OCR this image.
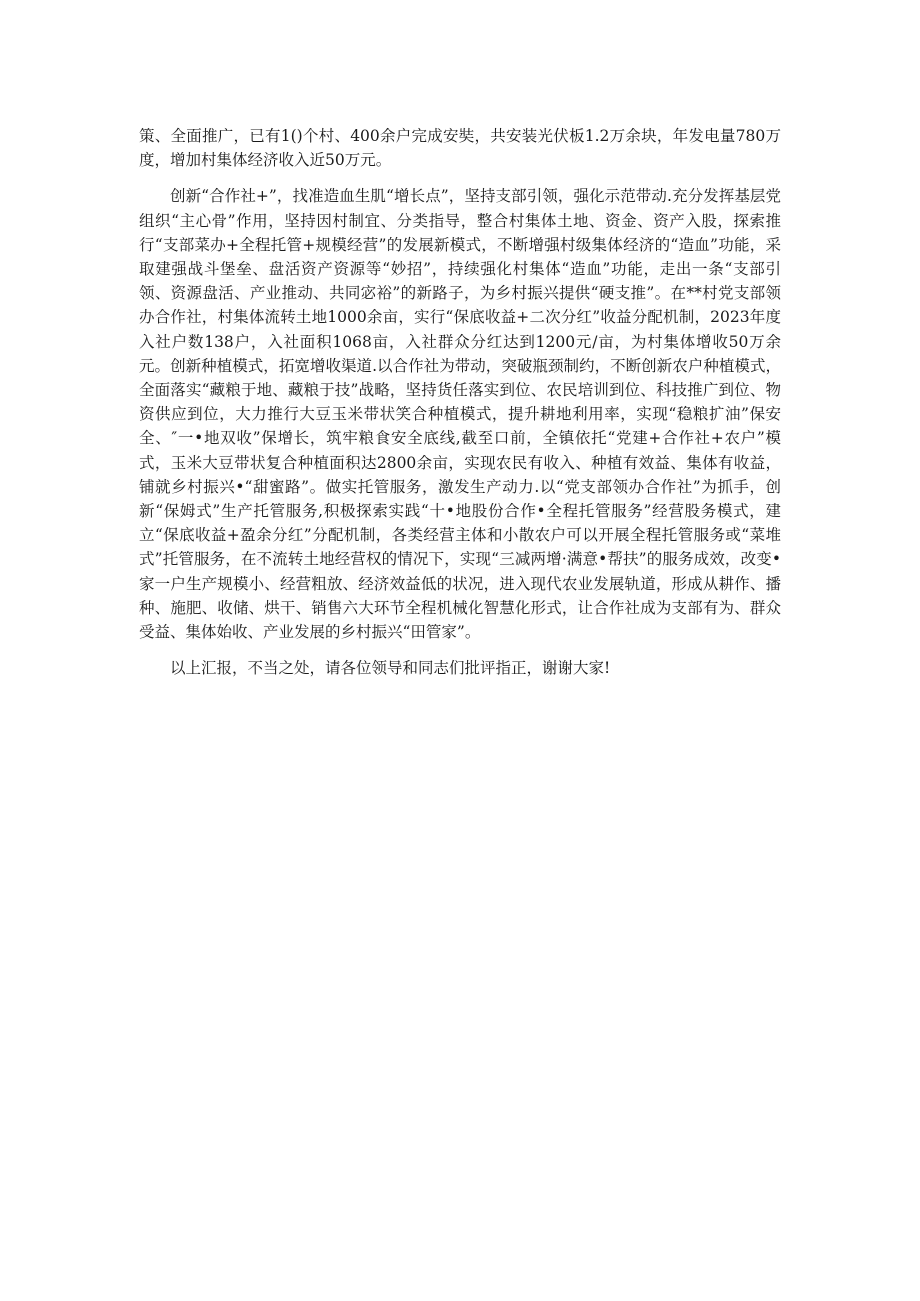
策、全面推广，已有1()个村、400余户完成安奘，共安装光伏板1.2万余块，年发电量780万度，增加村集体经济收入近50万元。

创新“合作社+”，找准造血生肌“增长点”，坚持支部引领，强化示范带动.充分发挥基层党组织“主心骨”作用，坚持因村制宜、分类指导，整合村集体土地、资金、资产入股，探索推行“支部菜办+全程托管+规模经营”的发展新模式，不断增强村级集体经济的“造血”功能，采取建强战斗堡垒、盘活资产资源等“妙招”，持续强化村集体“造血”功能，走出一条“支部引领、资源盘活、产业推动、共同宓裕”的新路子，为乡村振兴提供“硬支推”。在**村党支部领办合作社，村集体流转土地1000余亩，实行“保底收益+二次分红”收益分配机制，2023年度入社户数138户，入社面积1068亩，入社群众分红达到1200元/亩，为村集体增收50万余元。创新种植模式，拓宽增收渠道.以合作社为带动，突破瓶颈制约，不断创新农户种植模式，全面落实“藏粮于地、藏粮于技”战略，坚持货任落实到位、农民培训到位、科技推广到位、物资供应到位，大力推行大豆玉米带状笑合种植模式，提升耕地利用率，实现“稳粮扩油”保安全、″一•地双收”保增长，筑牢粮食安全底线,截至口前，全镇依托“党建+合作社+农户”模式，玉米大豆带状复合种植面积达2800余亩，实现农民有收入、种植有效益、集体有收益，铺就乡村振兴•“甜蜜路”。做实托管服务，激发生产动力.以“党支部领办合作社”为抓手，创新“保姆式”生产托管服务,积极探索实践“十•地股份合作•全程托管服务”经营股务模式，建立“保底收益+盈余分红”分配机制，各类经营主体和小散农户可以开展全程托管服务或“菜堆式”托管服务，在不流转土地经营权的情况下，实现“三减两增·满意•帮扶”的服务成效，改变•家一户生产规模小、经营粗放、经济效益低的状况，进入现代农业发展轨道，形成从耕作、播种、施肥、收储、烘干、销售六大环节全程机械化智慧化形式，让合作社成为支部有为、群众受益、集体始收、产业发展的乡村振兴“田管家”。

以上汇报，不当之处，请各位领导和同志们批评指正，谢谢大家!
